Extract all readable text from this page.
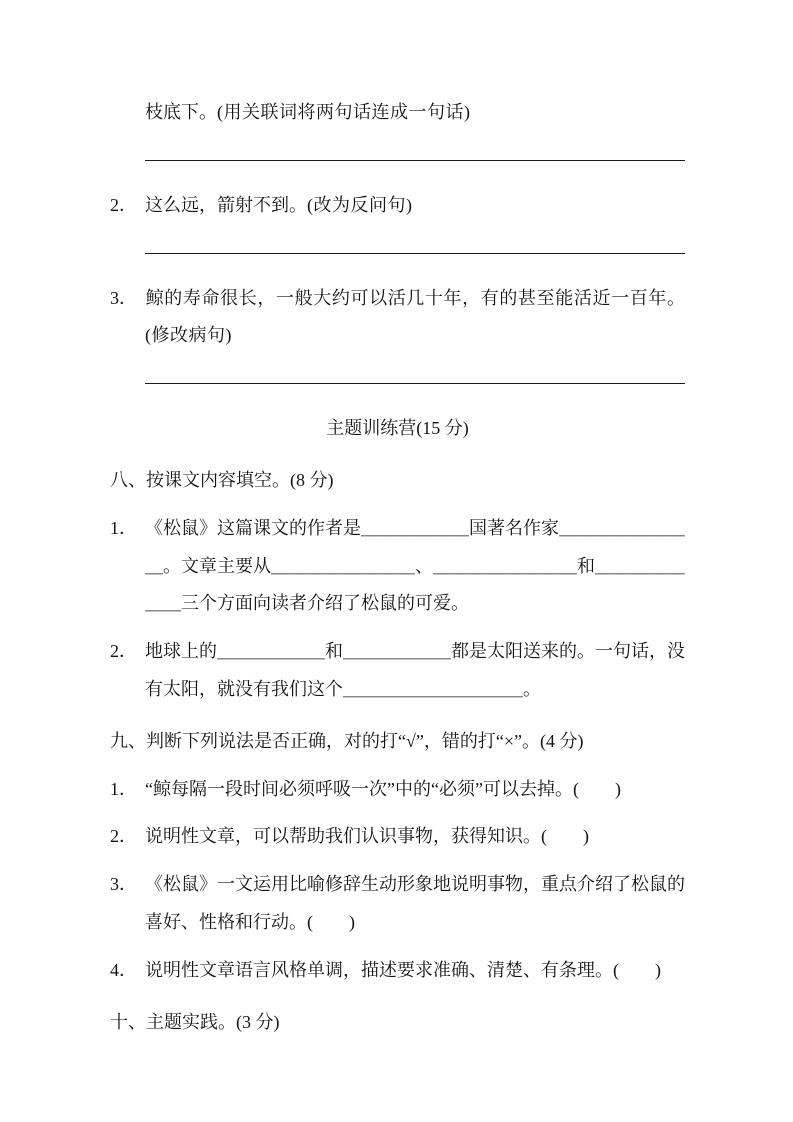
枝底下。(用关联词将两句话连成一句话)
2． 这么远，箭射不到。(改为反问句)
3． 鲸的寿命很长，一般大约可以活几十年，有的甚至能活近一百年。(修改病句)
主题训练营(15 分)
八、按课文内容填空。(8 分)
1． 《松鼠》这篇课文的作者是＿＿＿＿＿＿国著名作家＿＿＿＿＿＿＿＿。文章主要从＿＿＿＿＿＿＿＿、＿＿＿＿＿＿＿＿和＿＿＿＿＿＿＿三个方面向读者介绍了松鼠的可爱。
2． 地球上的＿＿＿＿＿＿和＿＿＿＿＿＿都是太阳送来的。一句话，没有太阳，就没有我们这个＿＿＿＿＿＿＿＿＿＿。
九、判断下列说法是否正确，对的打“√”，错的打“×”。(4 分)
1． “鲸每隔一段时间必须呼吸一次”中的“必须”可以去掉。(　　)
2． 说明性文章，可以帮助我们认识事物，获得知识。(　　)
3． 《松鼠》一文运用比喻修辞生动形象地说明事物，重点介绍了松鼠的喜好、性格和行动。(　　)
4． 说明性文章语言风格单调，描述要求准确、清楚、有条理。(　　)
十、主题实践。(3 分)
